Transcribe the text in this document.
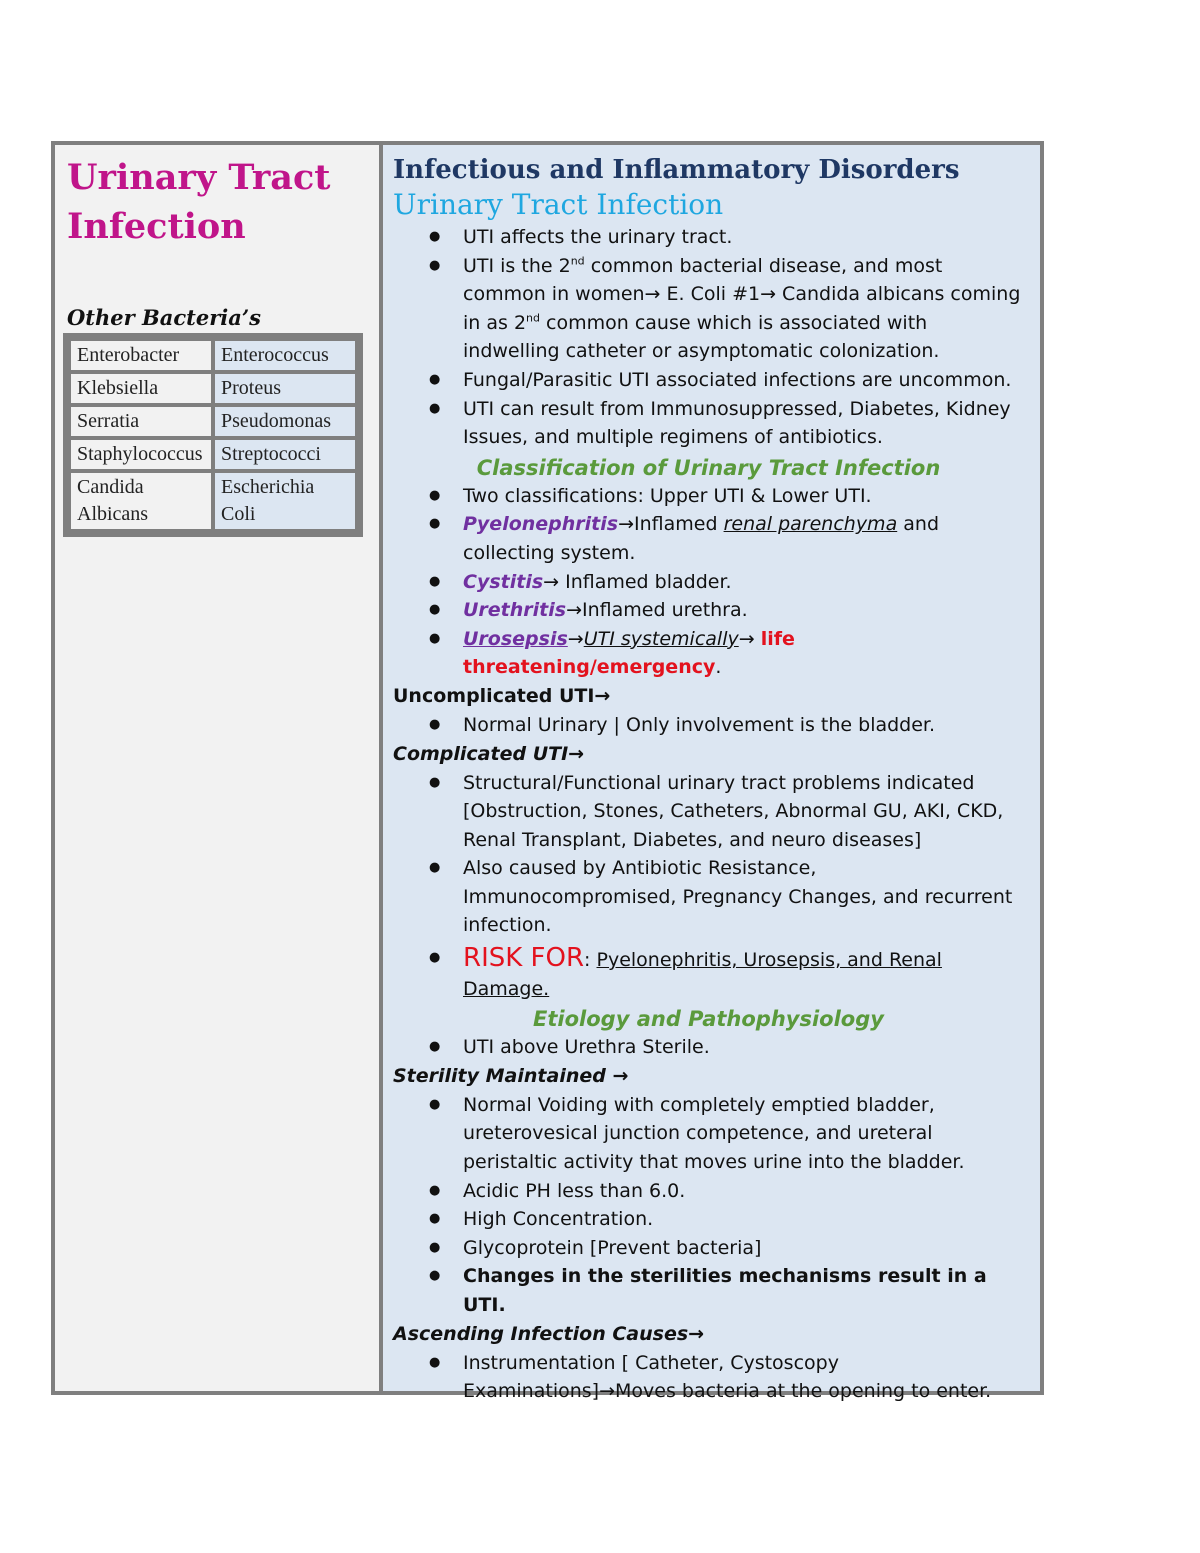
Urinary Tract
Infection

Other Bacteria’s

Enterobacter	Enterococcus
Klebsiella	Proteus
Serratia	Pseudomonas
Staphylococcus	Streptococci
Candida Albicans	Escherichia Coli

Infectious and Inflammatory Disorders

Urinary Tract Infection

● UTI affects the urinary tract.
● UTI is the 2nd common bacterial disease, and most common in women→ E. Coli #1→ Candida albicans coming in as 2nd common cause which is associated with indwelling catheter or asymptomatic colonization.
● Fungal/Parasitic UTI associated infections are uncommon.
● UTI can result from Immunosuppressed, Diabetes, Kidney Issues, and multiple regimens of antibiotics.

Classification of Urinary Tract Infection

● Two classifications: Upper UTI & Lower UTI.
● Pyelonephritis→Inflamed renal parenchyma and collecting system.
● Cystitis→ Inflamed bladder.
● Urethritis→Inflamed urethra.
● Urosepsis→UTI systemically→ life threatening/emergency.

Uncomplicated UTI→

● Normal Urinary | Only involvement is the bladder.

Complicated UTI→

● Structural/Functional urinary tract problems indicated [Obstruction, Stones, Catheters, Abnormal GU, AKI, CKD, Renal Transplant, Diabetes, and neuro diseases]
● Also caused by Antibiotic Resistance, Immunocompromised, Pregnancy Changes, and recurrent infection.
● RISK FOR: Pyelonephritis, Urosepsis, and Renal Damage.

Etiology and Pathophysiology

● UTI above Urethra Sterile.

Sterility Maintained →

● Normal Voiding with completely emptied bladder, ureterovesical junction competence, and ureteral peristaltic activity that moves urine into the bladder.
● Acidic PH less than 6.0.
● High Concentration.
● Glycoprotein [Prevent bacteria]
● Changes in the sterilities mechanisms result in a UTI.

Ascending Infection Causes→

● Instrumentation [ Catheter, Cystoscopy Examinations]→Moves bacteria at the opening to enter.
